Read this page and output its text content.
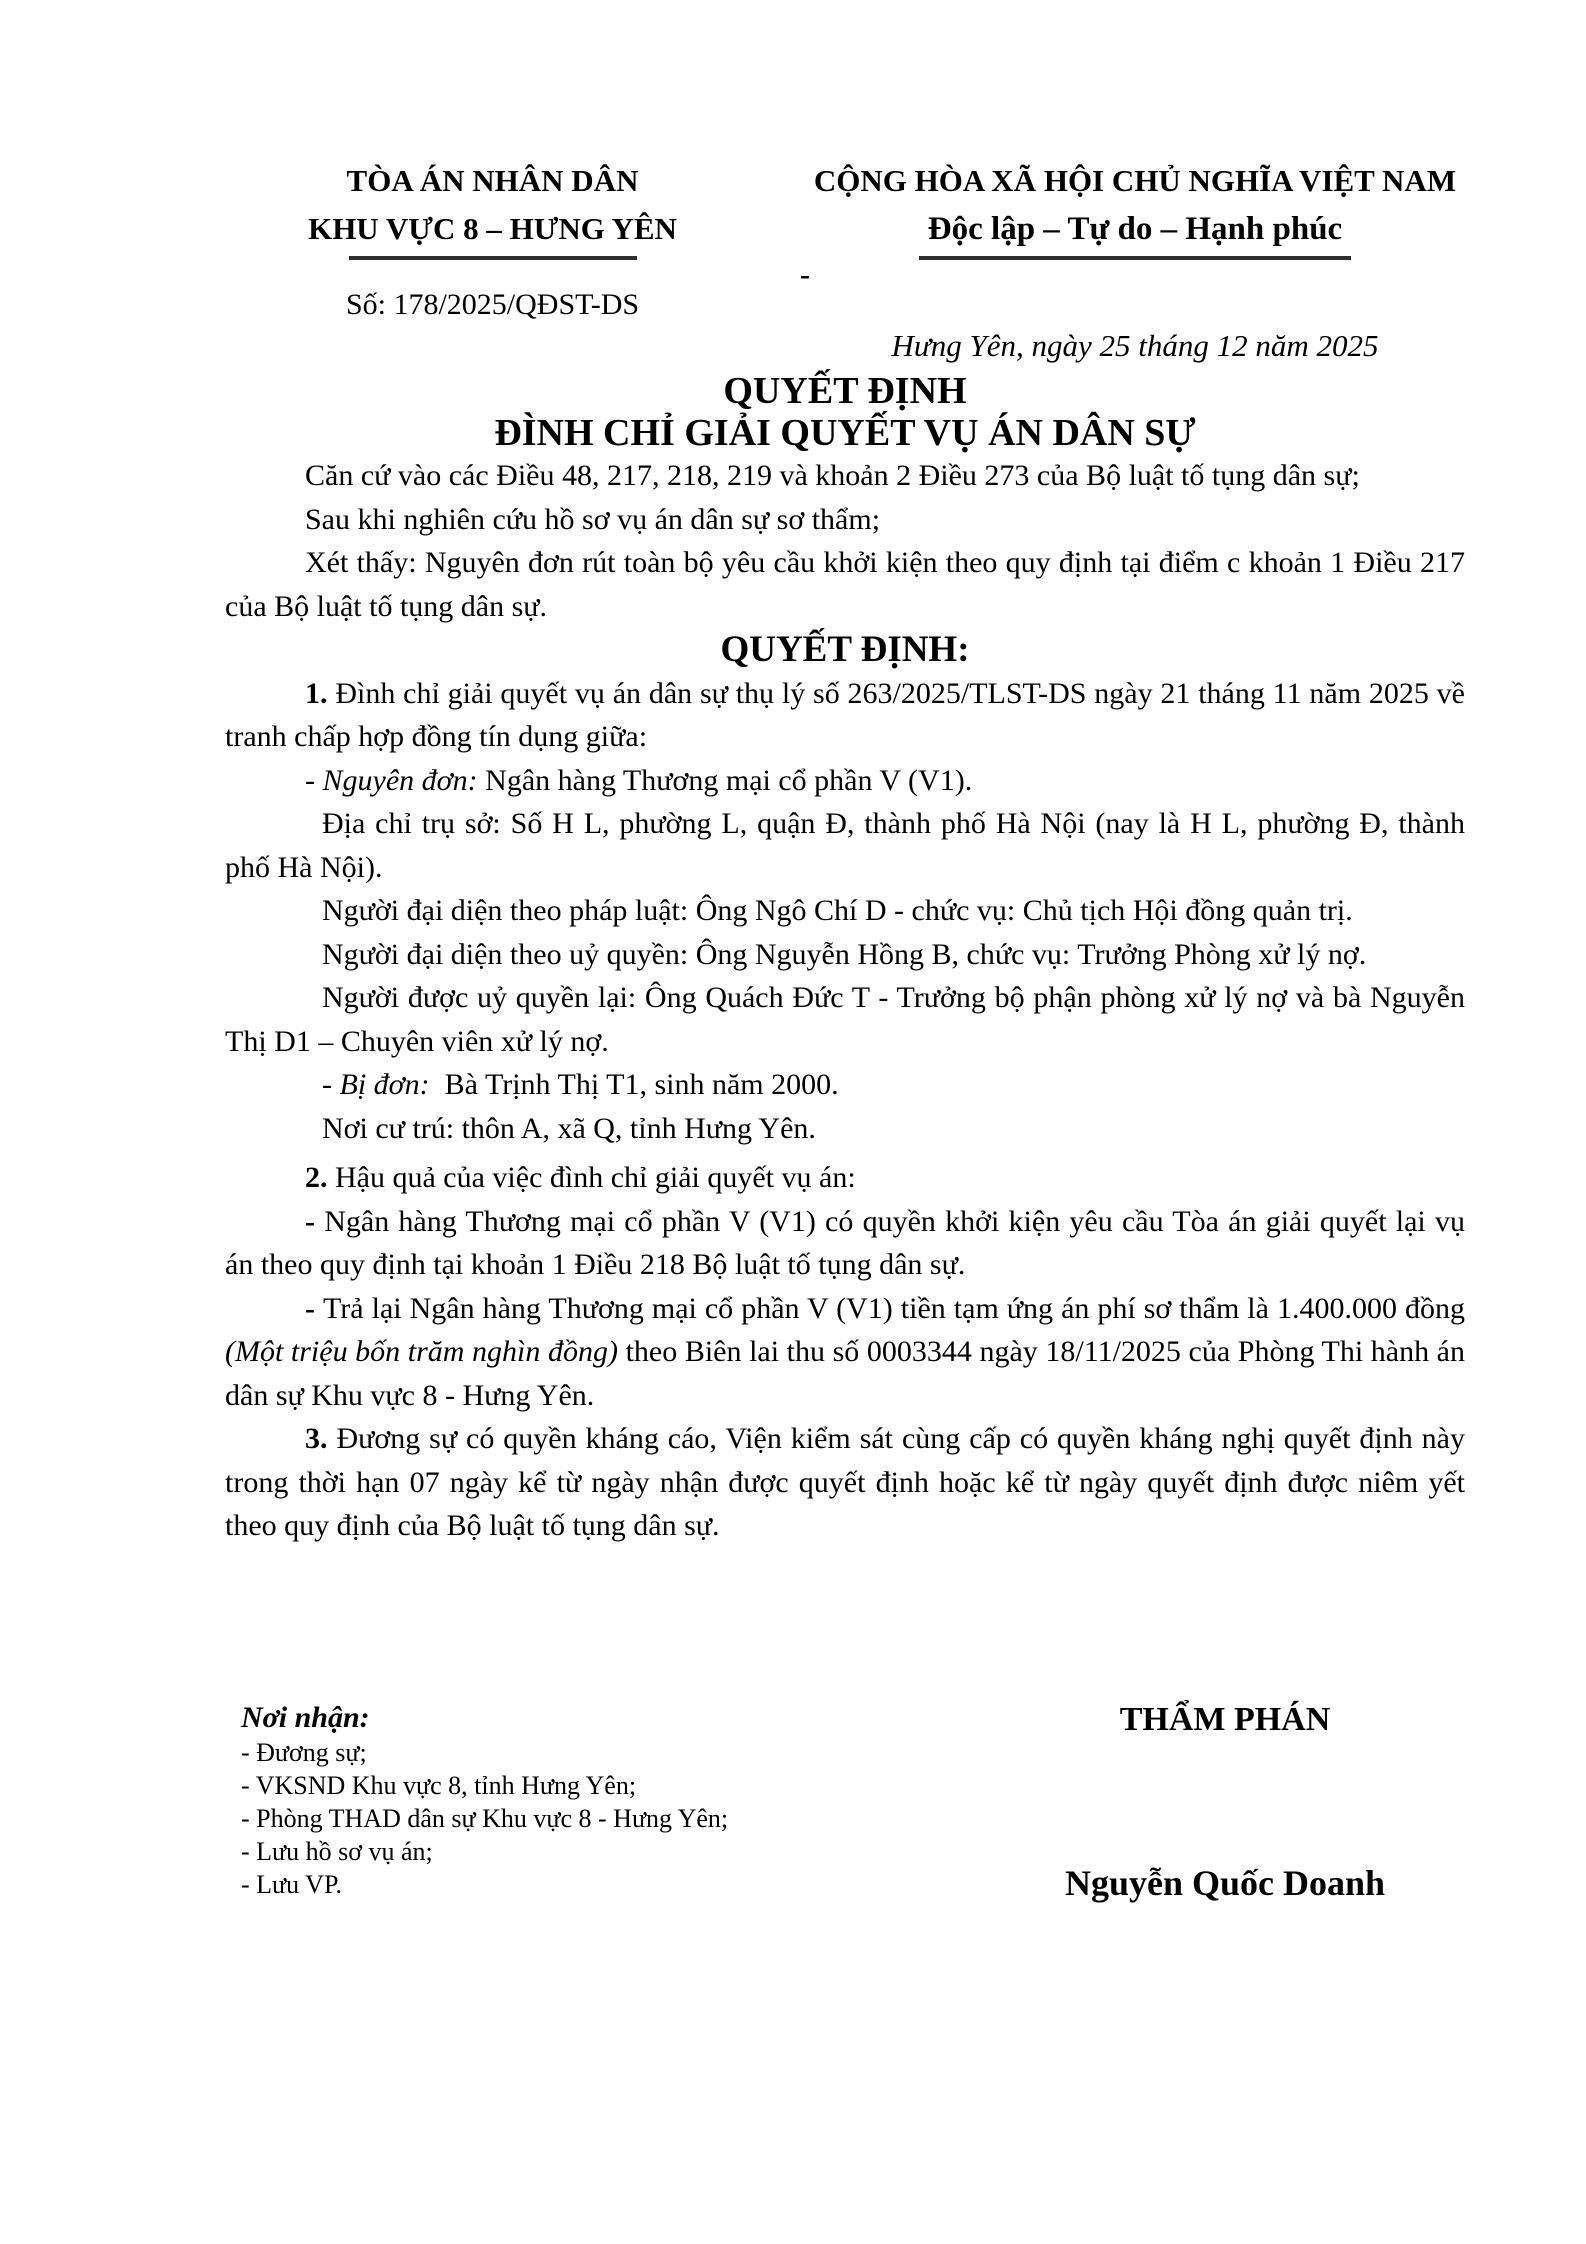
TÒA ÁN NHÂN DÂN
KHU VỰC 8 – HƯNG YÊN
Số: 178/2025/QĐST-DS
CỘNG HÒA XÃ HỘI CHỦ NGHĨA VIỆT NAM
Độc lập – Tự do – Hạnh phúc
Hưng Yên, ngày 25 tháng 12 năm 2025
-
QUYẾT ĐỊNH
ĐÌNH CHỈ GIẢI QUYẾT VỤ ÁN DÂN SỰ

Căn cứ vào các Điều 48, 217, 218, 219 và khoản 2 Điều 273 của Bộ luật tố tụng dân sự;

Sau khi nghiên cứu hồ sơ vụ án dân sự sơ thẩm;

Xét thấy: Nguyên đơn rút toàn bộ yêu cầu khởi kiện theo quy định tại điểm c khoản 1 Điều 217 của Bộ luật tố tụng dân sự.

QUYẾT ĐỊNH:

1. Đình chỉ giải quyết vụ án dân sự thụ lý số 263/2025/TLST-DS ngày 21 tháng 11 năm 2025 về tranh chấp hợp đồng tín dụng giữa:

- Nguyên đơn: Ngân hàng Thương mại cổ phần V (V1).

Địa chỉ trụ sở: Số H L, phường L, quận Đ, thành phố Hà Nội (nay là H L, phường Đ, thành phố Hà Nội).

Người đại diện theo pháp luật: Ông Ngô Chí D - chức vụ: Chủ tịch Hội đồng quản trị.

Người đại diện theo uỷ quyền: Ông Nguyễn Hồng B, chức vụ: Trưởng Phòng xử lý nợ.

Người được uỷ quyền lại: Ông Quách Đức T - Trưởng bộ phận phòng xử lý nợ và bà Nguyễn Thị D1 – Chuyên viên xử lý nợ.

- Bị đơn:  Bà Trịnh Thị T1, sinh năm 2000.

Nơi cư trú: thôn A, xã Q, tỉnh Hưng Yên.

2. Hậu quả của việc đình chỉ giải quyết vụ án:

- Ngân hàng Thương mại cổ phần V (V1) có quyền khởi kiện yêu cầu Tòa án giải quyết lại vụ án theo quy định tại khoản 1 Điều 218 Bộ luật tố tụng dân sự.

- Trả lại Ngân hàng Thương mại cổ phần V (V1) tiền tạm ứng án phí sơ thẩm là 1.400.000 đồng (Một triệu bốn trăm nghìn đồng) theo Biên lai thu số 0003344 ngày 18/11/2025 của Phòng Thi hành án dân sự Khu vực 8 - Hưng Yên.

3. Đương sự có quyền kháng cáo, Viện kiểm sát cùng cấp có quyền kháng nghị quyết định này trong thời hạn 07 ngày kể từ ngày nhận được quyết định hoặc kể từ ngày quyết định được niêm yết theo quy định của Bộ luật tố tụng dân sự.

Nơi nhận:
- Đương sự;
- VKSND Khu vực 8, tỉnh Hưng Yên;
- Phòng THAD dân sự Khu vực 8 - Hưng Yên;
- Lưu hồ sơ vụ án;
- Lưu VP.
THẨM PHÁN
Nguyễn Quốc Doanh
